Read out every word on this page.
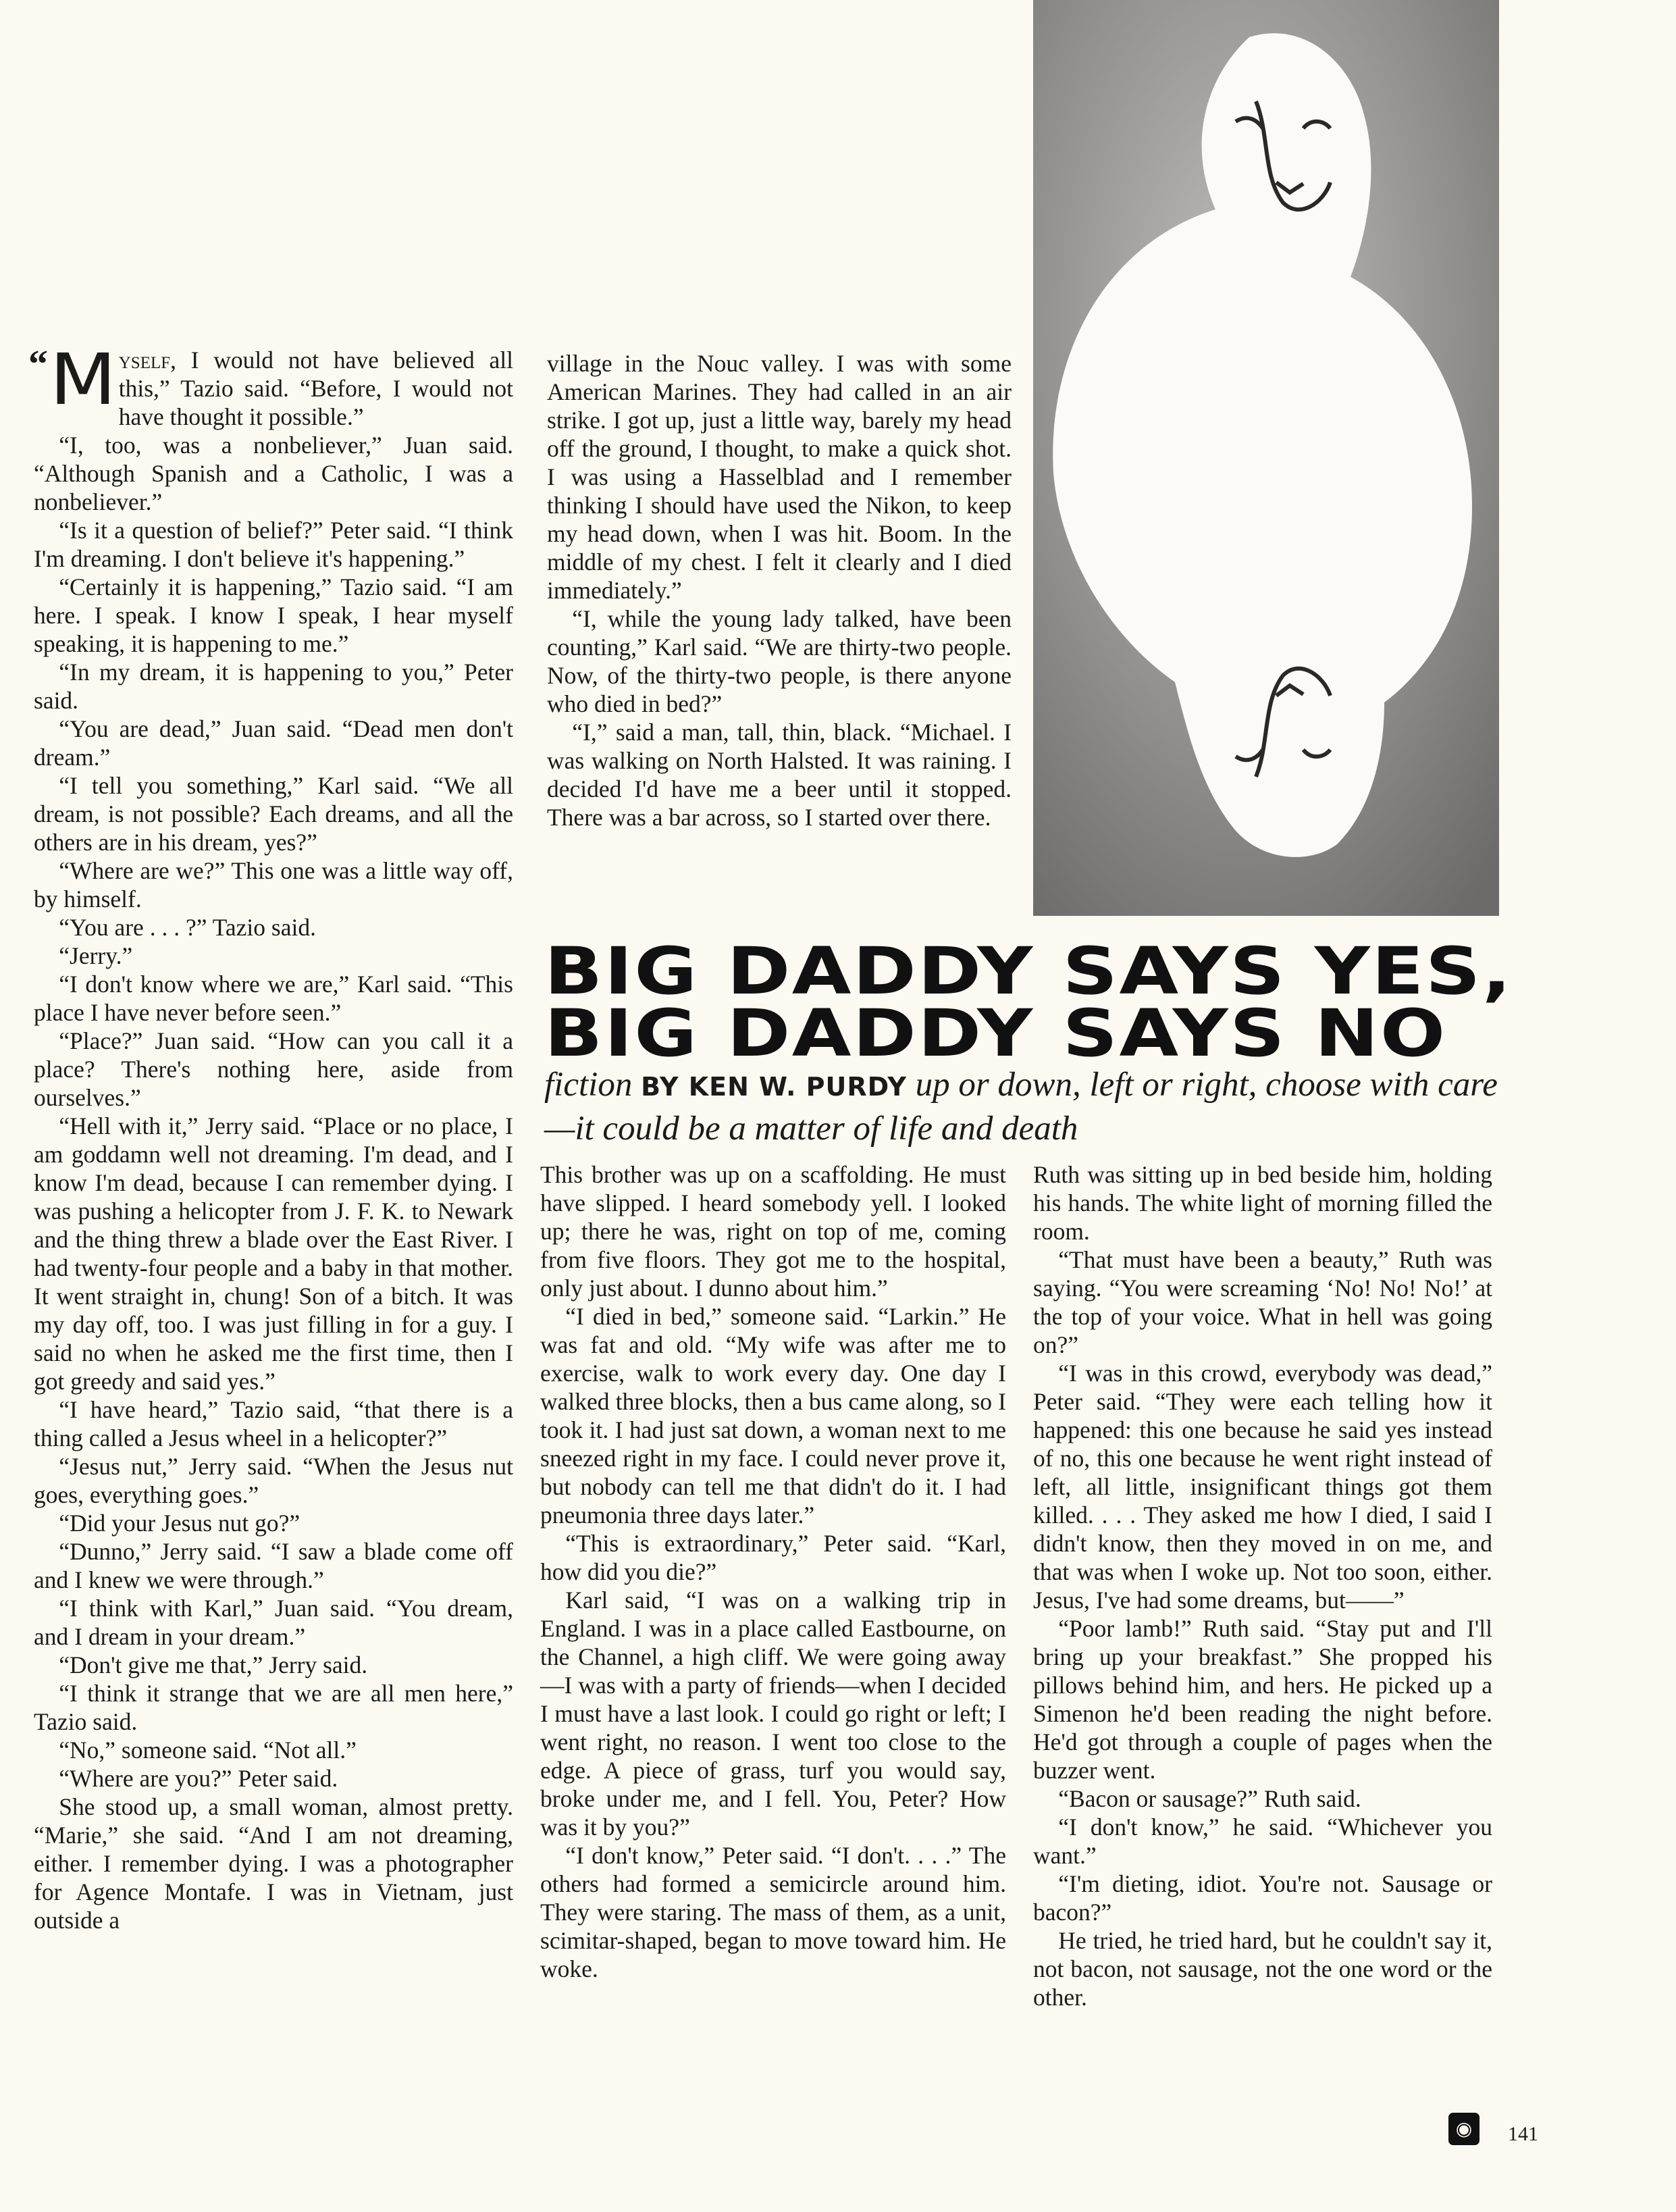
“ M yself, I would not have believed all this,” Tazio said. “Before, I would not have thought it possible.”

“I, too, was a nonbeliever,” Juan said. “Although Spanish and a Catholic, I was a nonbeliever.”

“Is it a question of belief?” Peter said. “I think I'm dreaming. I don't believe it's happening.”

“Certainly it is happening,” Tazio said. “I am here. I speak. I know I speak, I hear myself speaking, it is happening to me.”

“In my dream, it is happening to you,” Peter said.

“You are dead,” Juan said. “Dead men don't dream.”

“I tell you something,” Karl said. “We all dream, is not possible? Each dreams, and all the others are in his dream, yes?”

“Where are we?” This one was a little way off, by himself.

“You are . . . ?” Tazio said.

“Jerry.”

“I don't know where we are,” Karl said. “This place I have never before seen.”

“Place?” Juan said. “How can you call it a place? There's nothing here, aside from ourselves.”

“Hell with it,” Jerry said. “Place or no place, I am goddamn well not dreaming. I'm dead, and I know I'm dead, because I can remember dying. I was pushing a helicopter from J. F. K. to Newark and the thing threw a blade over the East River. I had twenty-four people and a baby in that mother. It went straight in, chung! Son of a bitch. It was my day off, too. I was just filling in for a guy. I said no when he asked me the first time, then I got greedy and said yes.”

“I have heard,” Tazio said, “that there is a thing called a Jesus wheel in a helicopter?”

“Jesus nut,” Jerry said. “When the Jesus nut goes, everything goes.”

“Did your Jesus nut go?”

“Dunno,” Jerry said. “I saw a blade come off and I knew we were through.”

“I think with Karl,” Juan said. “You dream, and I dream in your dream.”

“Don't give me that,” Jerry said.

“I think it strange that we are all men here,” Tazio said.

“No,” someone said. “Not all.”

“Where are you?” Peter said.

She stood up, a small woman, almost pretty. “Marie,” she said. “And I am not dreaming, either. I remember dying. I was a photographer for Agence Montafe. I was in Vietnam, just outside a

village in the Nouc valley. I was with some American Marines. They had called in an air strike. I got up, just a little way, barely my head off the ground, I thought, to make a quick shot. I was using a Hasselblad and I remember thinking I should have used the Nikon, to keep my head down, when I was hit. Boom. In the middle of my chest. I felt it clearly and I died immediately.”

“I, while the young lady talked, have been counting,” Karl said. “We are thirty-two people. Now, of the thirty-two people, is there anyone who died in bed?”

“I,” said a man, tall, thin, black. “Michael. I was walking on North Halsted. It was raining. I decided I'd have me a beer until it stopped. There was a bar across, so I started over there.

BIG DADDY SAYS YES,
BIG DADDY SAYS NO
fiction BY KEN W. PURDY up or down, left or right, choose with care—it could be a matter of life and death

This brother was up on a scaffolding. He must have slipped. I heard somebody yell. I looked up; there he was, right on top of me, coming from five floors. They got me to the hospital, only just about. I dunno about him.”

“I died in bed,” someone said. “Larkin.” He was fat and old. “My wife was after me to exercise, walk to work every day. One day I walked three blocks, then a bus came along, so I took it. I had just sat down, a woman next to me sneezed right in my face. I could never prove it, but nobody can tell me that didn't do it. I had pneumonia three days later.”

“This is extraordinary,” Peter said. “Karl, how did you die?”

Karl said, “I was on a walking trip in England. I was in a place called Eastbourne, on the Channel, a high cliff. We were going away—I was with a party of friends—when I decided I must have a last look. I could go right or left; I went right, no reason. I went too close to the edge. A piece of grass, turf you would say, broke under me, and I fell. You, Peter? How was it by you?”

“I don't know,” Peter said. “I don't. . . .” The others had formed a semicircle around him. They were staring. The mass of them, as a unit, scimitar-shaped, began to move toward him. He woke.

Ruth was sitting up in bed beside him, holding his hands. The white light of morning filled the room.

“That must have been a beauty,” Ruth was saying. “You were screaming ‘No! No! No!’ at the top of your voice. What in hell was going on?”

“I was in this crowd, everybody was dead,” Peter said. “They were each telling how it happened: this one because he said yes instead of no, this one because he went right instead of left, all little, insignificant things got them killed. . . . They asked me how I died, I said I didn't know, then they moved in on me, and that was when I woke up. Not too soon, either. Jesus, I've had some dreams, but——”

“Poor lamb!” Ruth said. “Stay put and I'll bring up your breakfast.” She propped his pillows behind him, and hers. He picked up a Simenon he'd been reading the night before. He'd got through a couple of pages when the buzzer went.

“Bacon or sausage?” Ruth said.

“I don't know,” he said. “Whichever you want.”

“I'm dieting, idiot. You're not. Sausage or bacon?”

He tried, he tried hard, but he couldn't say it, not bacon, not sausage, not the one word or the other.

◉	141
